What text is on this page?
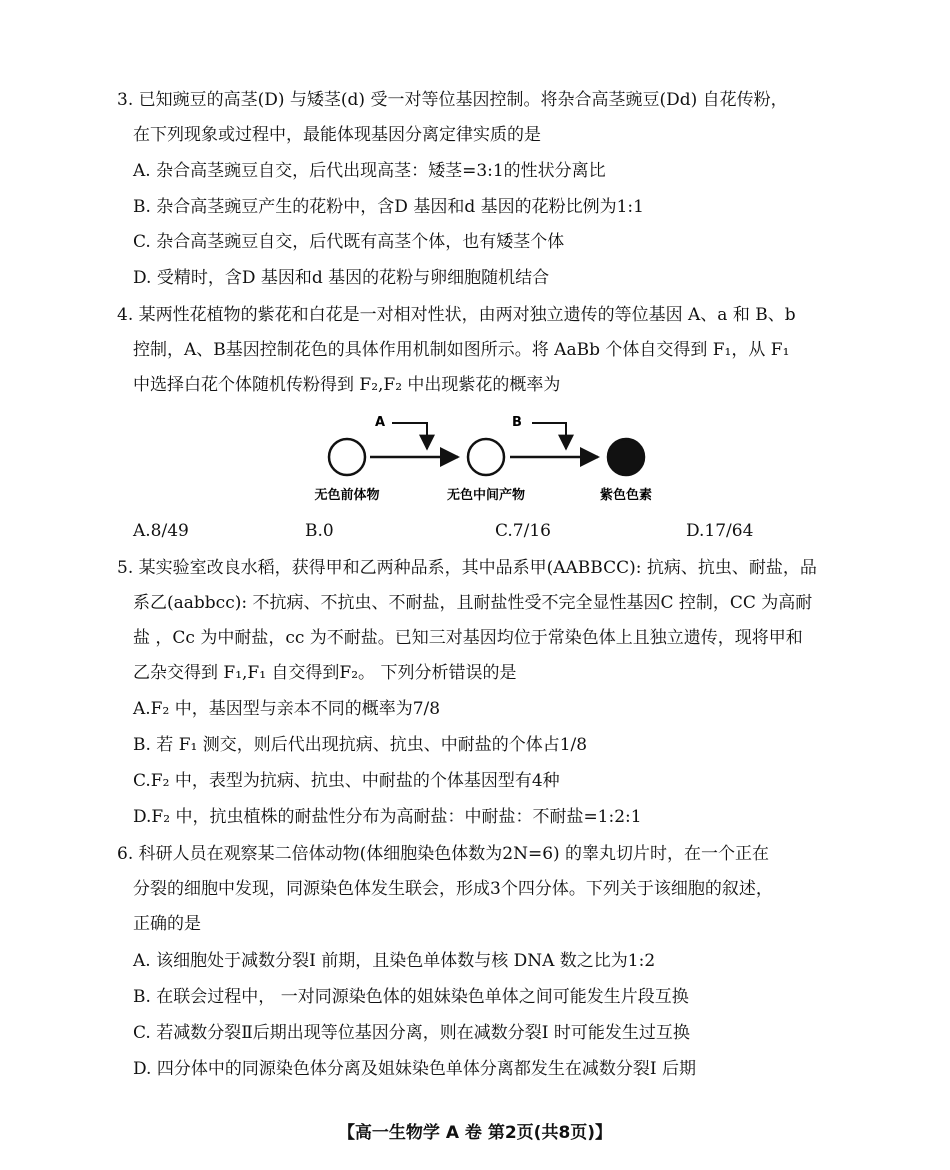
3. 已知豌豆的高茎(D) 与矮茎(d) 受一对等位基因控制。将杂合高茎豌豆(Dd) 自花传粉，
在下列现象或过程中，最能体现基因分离定律实质的是
A. 杂合高茎豌豆自交，后代出现高茎：矮茎=3:1的性状分离比
B. 杂合高茎豌豆产生的花粉中，含D 基因和d 基因的花粉比例为1:1
C. 杂合高茎豌豆自交，后代既有高茎个体，也有矮茎个体
D. 受精时，含D 基因和d 基因的花粉与卵细胞随机结合
4. 某两性花植物的紫花和白花是一对相对性状，由两对独立遗传的等位基因 A、a 和 B、b
控制，A、B基因控制花色的具体作用机制如图所示。将 AaBb 个体自交得到 F₁，从 F₁
中选择白花个体随机传粉得到 F₂,F₂ 中出现紫花的概率为
A	B
无色前体物	无色中间产物	紫色色素
A.8/49	B.0	C.7/16	D.17/64
5. 某实验室改良水稻，获得甲和乙两种品系，其中品系甲(AABBCC): 抗病、抗虫、耐盐，品
系乙(aabbcc): 不抗病、不抗虫、不耐盐，且耐盐性受不完全显性基因C 控制，CC 为高耐
盐 ，Cc 为中耐盐，cc 为不耐盐。已知三对基因均位于常染色体上且独立遗传，现将甲和
乙杂交得到 F₁,F₁ 自交得到F₂。 下列分析错误的是
A.F₂ 中，基因型与亲本不同的概率为7/8
B. 若 F₁ 测交，则后代出现抗病、抗虫、中耐盐的个体占1/8
C.F₂ 中，表型为抗病、抗虫、中耐盐的个体基因型有4种
D.F₂ 中，抗虫植株的耐盐性分布为高耐盐：中耐盐：不耐盐=1:2:1
6. 科研人员在观察某二倍体动物(体细胞染色体数为2N=6) 的睾丸切片时，在一个正在
分裂的细胞中发现，同源染色体发生联会，形成3个四分体。下列关于该细胞的叙述，
正确的是
A. 该细胞处于减数分裂I 前期，且染色单体数与核 DNA 数之比为1:2
B. 在联会过程中， 一对同源染色体的姐妹染色单体之间可能发生片段互换
C. 若减数分裂Ⅱ后期出现等位基因分离，则在减数分裂I 时可能发生过互换
D. 四分体中的同源染色体分离及姐妹染色单体分离都发生在减数分裂Ⅰ 后期
【高一生物学 A 卷 第2页(共8页)】
